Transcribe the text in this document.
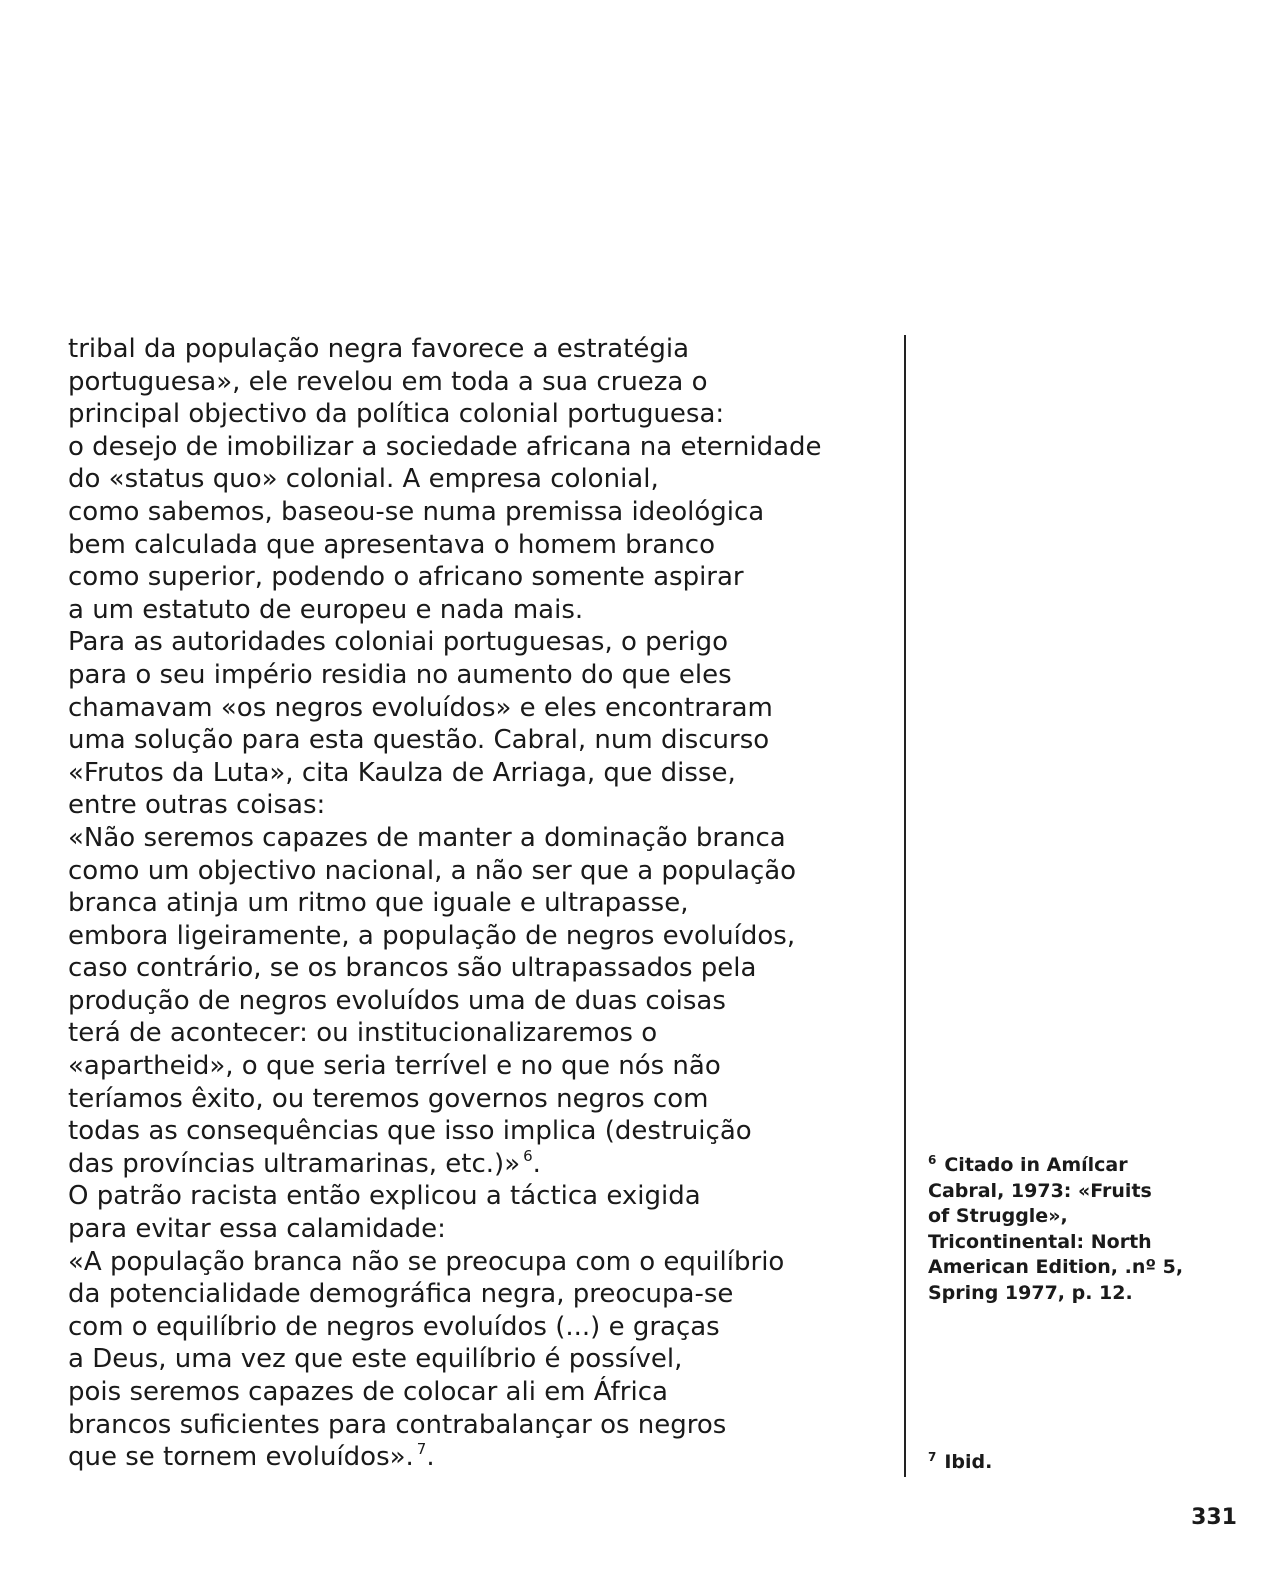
tribal da população negra favorece a estratégia
portuguesa», ele revelou em toda a sua crueza o
principal objectivo da política colonial portuguesa:
o desejo de imobilizar a sociedade africana na eternidade
do «status quo» colonial. A empresa colonial,
como sabemos, baseou-se numa premissa ideológica
bem calculada que apresentava o homem branco
como superior, podendo o africano somente aspirar
a um estatuto de europeu e nada mais.
Para as autoridades coloniai portuguesas, o perigo
para o seu império residia no aumento do que eles
chamavam «os negros evoluídos» e eles encontraram
uma solução para esta questão. Cabral, num discurso
«Frutos da Luta», cita Kaulza de Arriaga, que disse,
entre outras coisas:
«Não seremos capazes de manter a dominação branca
como um objectivo nacional, a não ser que a população
branca atinja um ritmo que iguale e ultrapasse,
embora ligeiramente, a população de negros evoluídos,
caso contrário, se os brancos são ultrapassados pela
produção de negros evoluídos uma de duas coisas
terá de acontecer: ou institucionalizaremos o
«apartheid», o que seria terrível e no que nós não
teríamos êxito, ou teremos governos negros com
todas as consequências que isso implica (destruição
das províncias ultramarinas, etc.)» $^6$.
O patrão racista então explicou a táctica exigida
para evitar essa calamidade:
«A população branca não se preocupa com o equilíbrio
da potencialidade demográfica negra, preocupa-se
com o equilíbrio de negros evoluídos (...) e graças
a Deus, uma vez que este equilíbrio é possível,
pois seremos capazes de colocar ali em África
brancos suficientes para contrabalançar os negros
que se tornem evoluídos». $^7$.
$^6$ Citado in Amílcar
Cabral, 1973: «Fruits
of Struggle»,
Tricontinental: North
American Edition, .nº 5,
Spring 1977, p. 12.
$^7$ Ibid.
331
